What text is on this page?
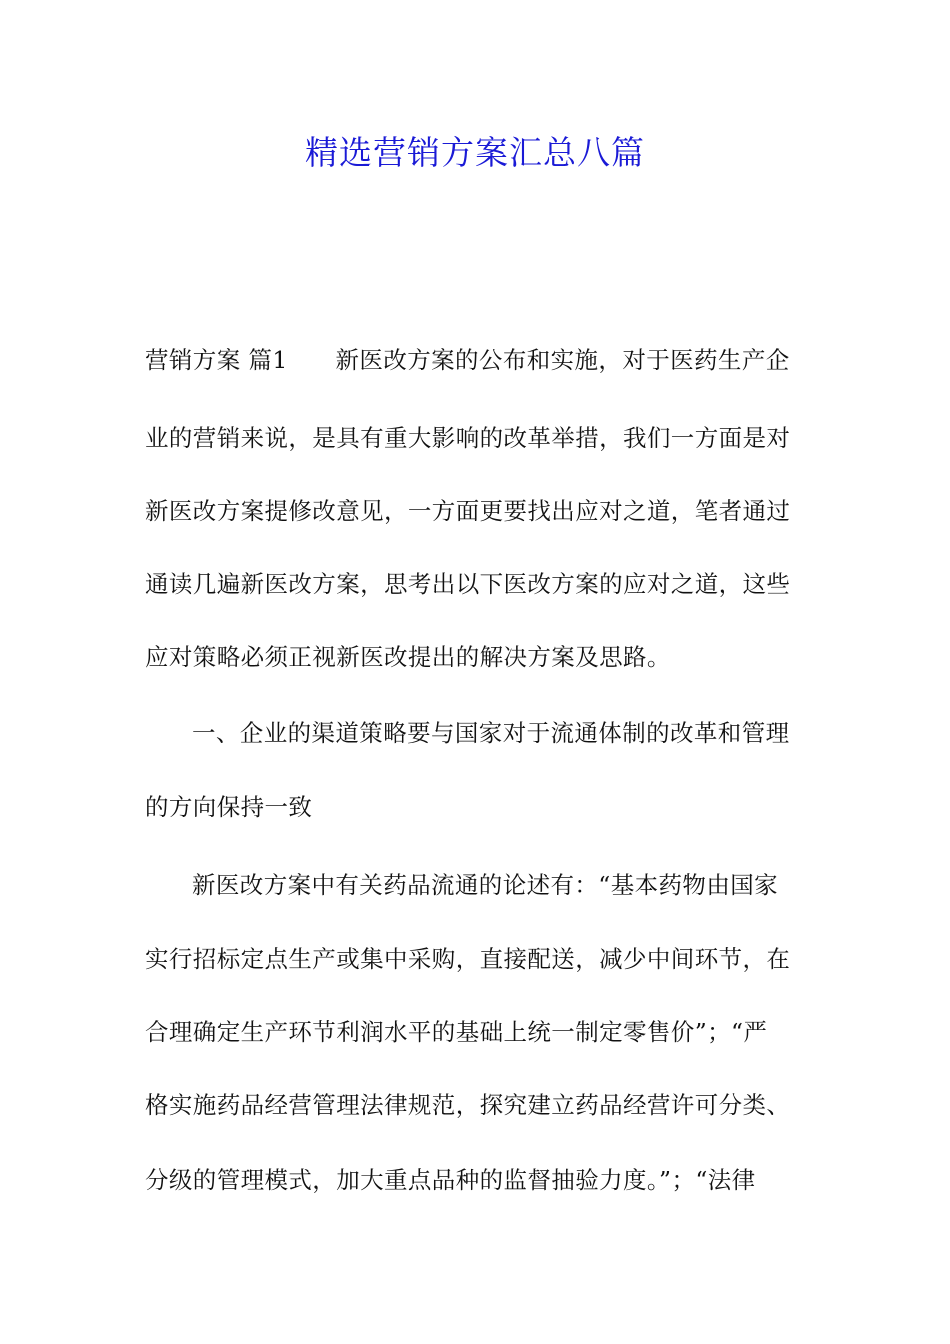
精选营销方案汇总八篇
营销方案 篇1　　新医改方案的公布和实施，对于医药生产企
业的营销来说，是具有重大影响的改革举措，我们一方面是对
新医改方案提修改意见，一方面更要找出应对之道，笔者通过
通读几遍新医改方案，思考出以下医改方案的应对之道，这些
应对策略必须正视新医改提出的解决方案及思路。
一、企业的渠道策略要与国家对于流通体制的改革和管理
的方向保持一致
新医改方案中有关药品流通的论述有：“基本药物由国家
实行招标定点生产或集中采购，直接配送，减少中间环节，在
合理确定生产环节利润水平的基础上统一制定零售价”；“严
格实施药品经营管理法律规范，探究建立药品经营许可分类、
分级的管理模式，加大重点品种的监督抽验力度。”；“法律
